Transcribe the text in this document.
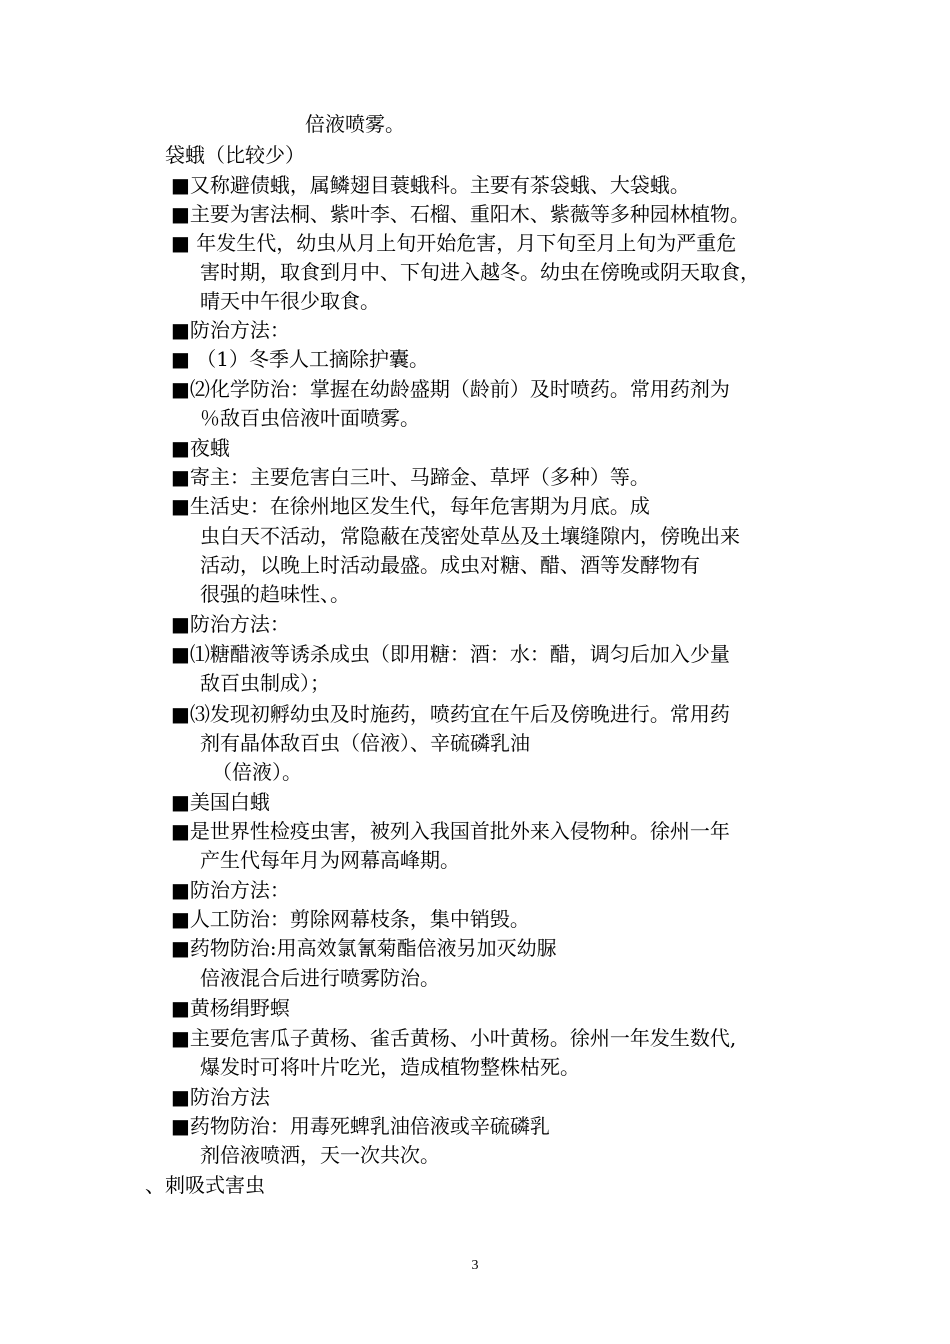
倍液喷雾。
袋蛾（比较少）
■又称避债蛾，属鳞翅目蓑蛾科。主要有茶袋蛾、大袋蛾。
■主要为害法桐、紫叶李、石榴、重阳木、紫薇等多种园林植物。
■ 年发生代，幼虫从月上旬开始危害，月下旬至月上旬为严重危
害时期，取食到月中、下旬进入越冬。幼虫在傍晚或阴天取食，
晴天中午很少取食。
■防治方法：
■ （1）冬季人工摘除护囊。
■⑵化学防治：掌握在幼龄盛期（龄前）及时喷药。常用药剂为
％敌百虫倍液叶面喷雾。
■夜蛾
■寄主：主要危害白三叶、马蹄金、草坪（多种）等。
■生活史：在徐州地区发生代，每年危害期为月底。成
虫白天不活动，常隐蔽在茂密处草丛及土壤缝隙内，傍晚出来
活动，以晚上时活动最盛。成虫对糖、醋、酒等发酵物有
很强的趋味性、。
■防治方法：
■⑴糖醋液等诱杀成虫（即用糖：酒：水：醋，调匀后加入少量
敌百虫制成）；
■⑶发现初孵幼虫及时施药，喷药宜在午后及傍晚进行。常用药
剂有晶体敌百虫（倍液）、辛硫磷乳油
（倍液）。
■美国白蛾
■是世界性检疫虫害，被列入我国首批外来入侵物种。徐州一年
产生代每年月为网幕高峰期。
■防治方法：
■人工防治：剪除网幕枝条，集中销毁。
■药物防治:用高效氯氰菊酯倍液另加灭幼脲
倍液混合后进行喷雾防治。
■黄杨绢野螟
■主要危害瓜子黄杨、雀舌黄杨、小叶黄杨。徐州一年发生数代,
爆发时可将叶片吃光，造成植物整株枯死。
■防治方法
■药物防治：用毒死蜱乳油倍液或辛硫磷乳
剂倍液喷洒，天一次共次。
、刺吸式害虫
3
